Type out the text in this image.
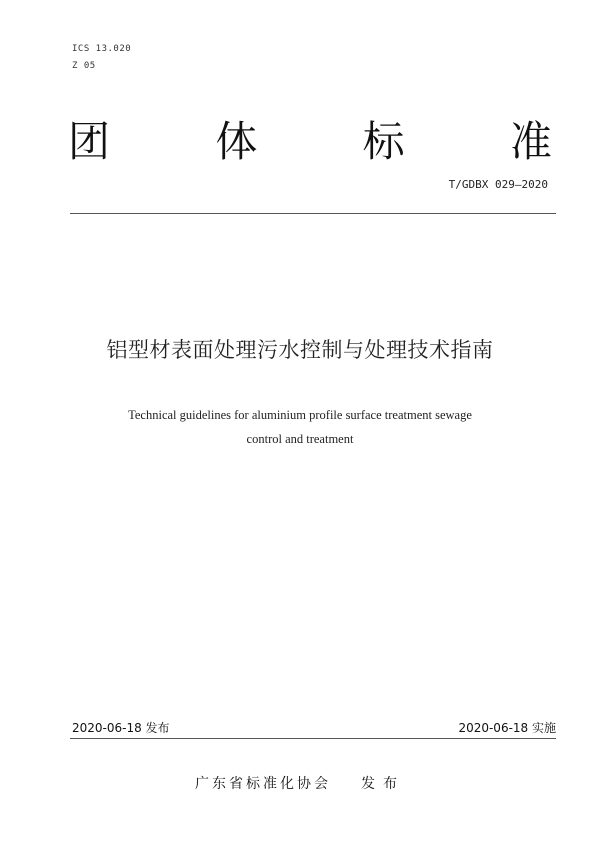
ICS 13.020
Z 05
团	体	标	准
T/GDBX 029—2020
铝型材表面处理污水控制与处理技术指南
Technical guidelines for aluminium profile surface treatment sewage
control and treatment
2020-06-18 发布	2020-06-18 实施
广东省标准化协会 发布
